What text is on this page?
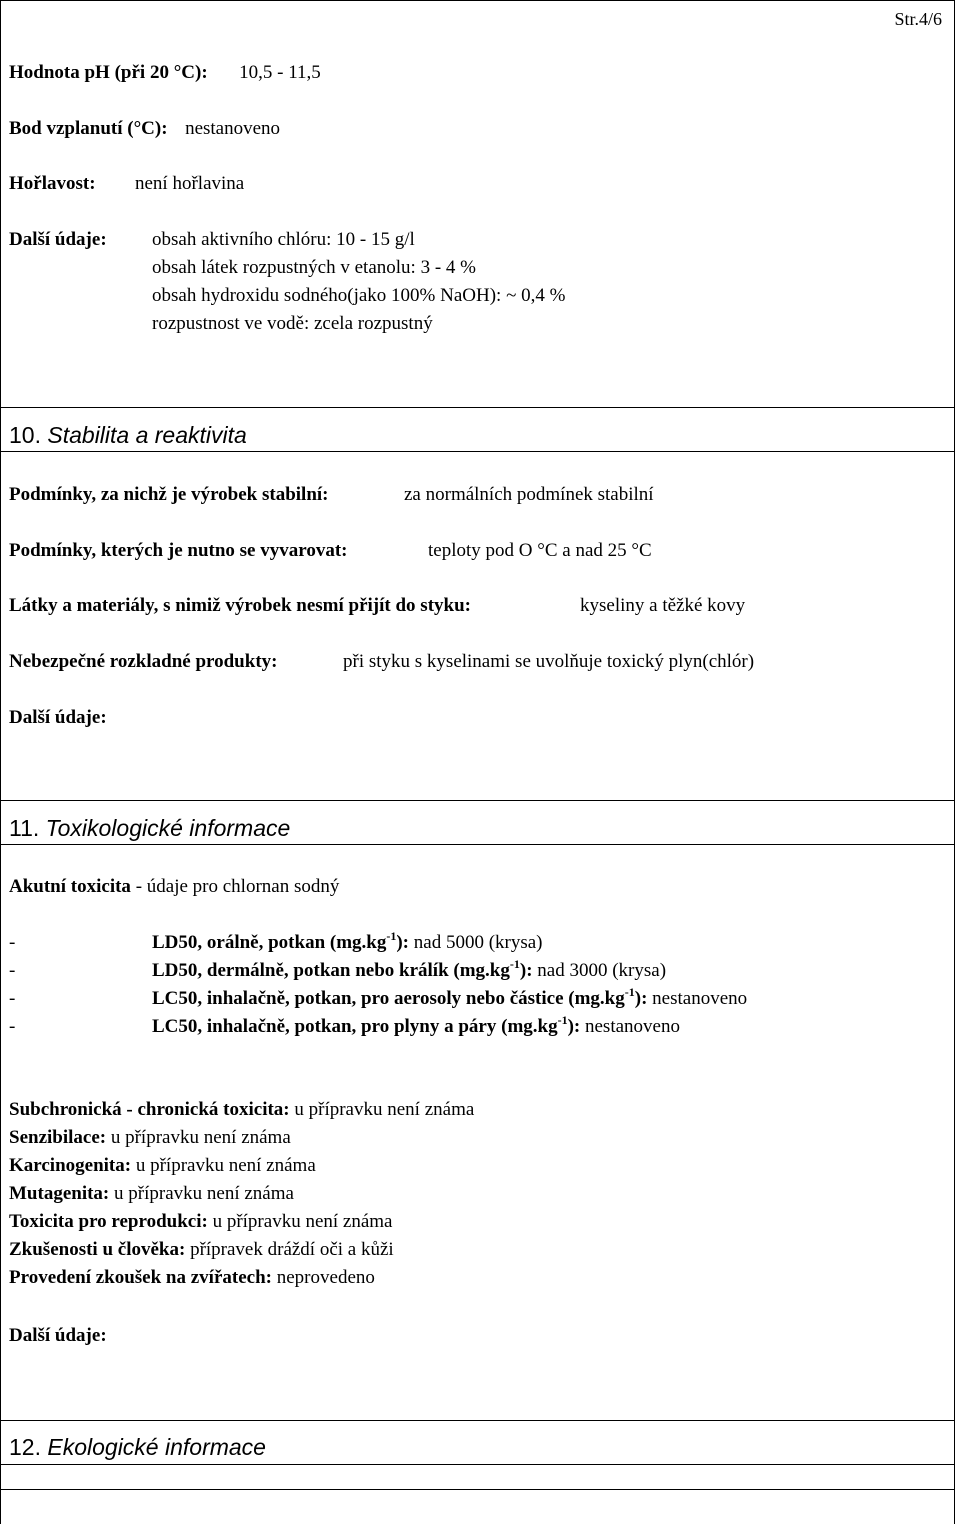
Str.4/6
Hodnota pH (při 20 °C): 10,5 - 11,5
Bod vzplanutí (°C): nestanoveno
Hořlavost: není hořlavina
Další údaje: obsah aktivního chlóru: 10 - 15 g/l
obsah látek rozpustných v etanolu: 3 - 4 %
obsah hydroxidu sodného(jako 100% NaOH): ~ 0,4 %
rozpustnost ve vodě: zcela rozpustný
10. Stabilita a reaktivita
Podmínky, za nichž je výrobek stabilní:	za normálních podmínek stabilní
Podmínky, kterých je nutno se vyvarovat:	teploty pod O °C a nad 25 °C
Látky a materiály, s nimiž výrobek nesmí přijít do styku:	kyseliny a těžké kovy
Nebezpečné rozkladné produkty:	při styku s kyselinami se uvolňuje toxický plyn(chlór)
Další údaje:
11. Toxikologické informace
Akutní toxicita - údaje pro chlornan sodný
-	LD50, orálně, potkan $(mg.kg^{-1})$: nad 5000 (krysa)
-	LD50, dermálně, potkan nebo králík $(mg.kg^{-1})$: nad 3000 (krysa)
-	LC50, inhalačně, potkan, pro aerosoly nebo částice $(mg.kg^{-1})$: nestanoveno
-	LC50, inhalačně, potkan, pro plyny a páry $(mg.kg^{-1})$: nestanoveno
Subchronická - chronická toxicita: u přípravku není známa
Senzibilace: u přípravku není známa
Karcinogenita: u přípravku není známa
Mutagenita: u přípravku není známa
Toxicita pro reprodukci: u přípravku není známa
Zkušenosti u člověka: přípravek dráždí oči a kůži
Provedení zkoušek na zvířatech: neprovedeno
Další údaje:
12. Ekologické informace
